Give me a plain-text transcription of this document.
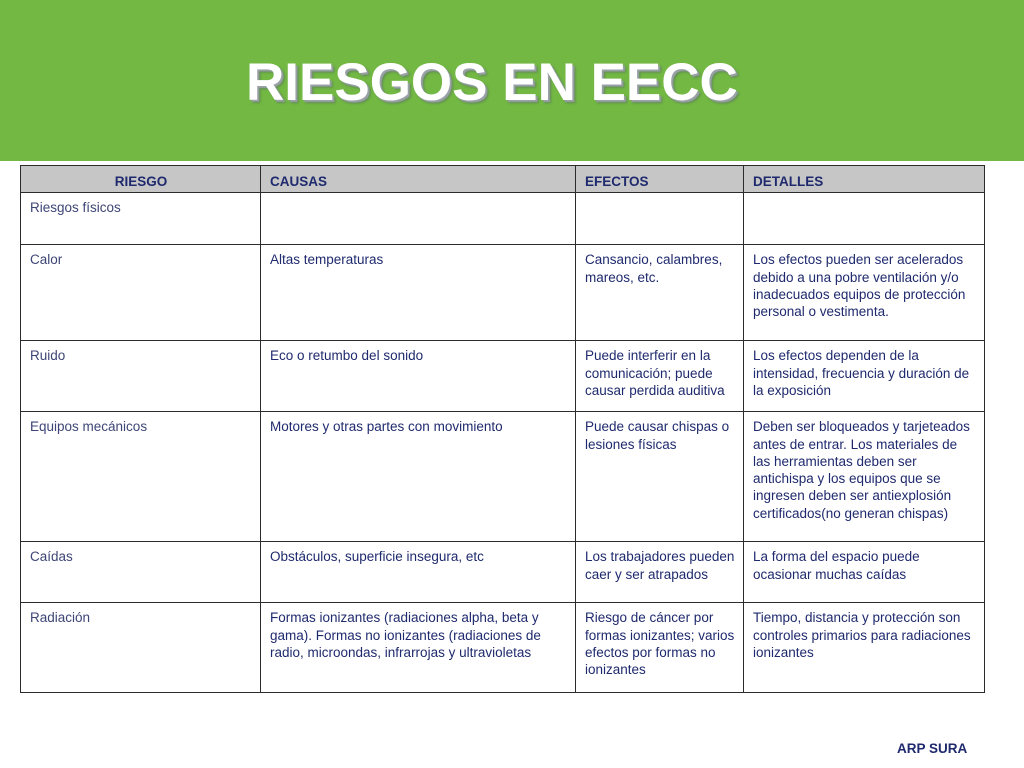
RIESGOS EN EECC
RIESGO	CAUSAS	EFECTOS	DETALLES
Riesgos físicos			
Calor	Altas temperaturas	Cansancio, calambres, mareos, etc.	Los efectos pueden ser acelerados debido a una pobre ventilación y/o inadecuados equipos de protección personal o vestimenta.
Ruido	Eco o retumbo del sonido	Puede interferir en la comunicación; puede causar perdida auditiva	Los efectos dependen de la intensidad, frecuencia y duración de la exposición
Equipos mecánicos	Motores y otras partes con movimiento	Puede causar chispas o lesiones físicas	Deben ser bloqueados y tarjeteados antes de entrar. Los materiales de las herramientas deben ser antichispa y los equipos que se ingresen deben ser antiexplosión certificados(no generan chispas)
Caídas	Obstáculos, superficie insegura, etc	Los trabajadores pueden caer y ser atrapados	La forma del espacio puede ocasionar muchas caídas
Radiación	Formas ionizantes (radiaciones alpha, beta y gama). Formas no ionizantes (radiaciones de radio, microondas, infrarrojas y ultravioletas	Riesgo de cáncer por formas ionizantes; varios efectos por formas no ionizantes	Tiempo, distancia y protección son controles primarios para radiaciones ionizantes
ARP SURA
